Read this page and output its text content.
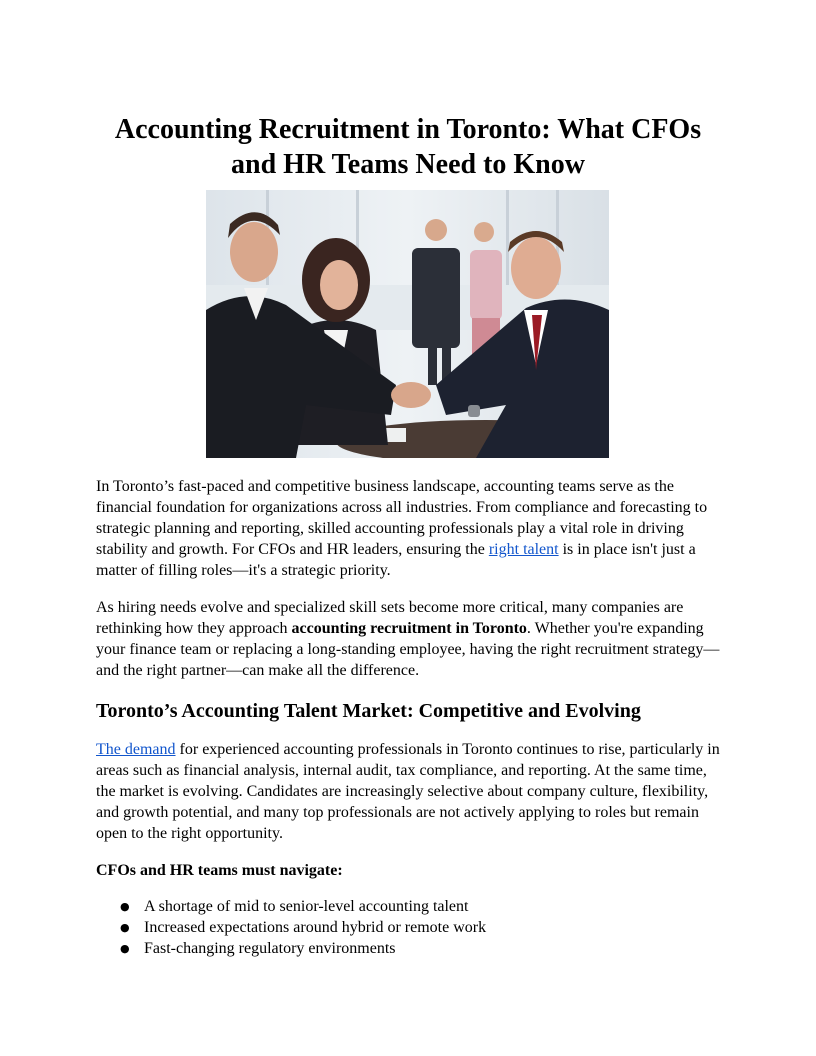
Accounting Recruitment in Toronto: What CFOs and HR Teams Need to Know

In Toronto’s fast-paced and competitive business landscape, accounting teams serve as the financial foundation for organizations across all industries. From compliance and forecasting to strategic planning and reporting, skilled accounting professionals play a vital role in driving stability and growth. For CFOs and HR leaders, ensuring the right talent is in place isn't just a matter of filling roles—it's a strategic priority.

As hiring needs evolve and specialized skill sets become more critical, many companies are rethinking how they approach accounting recruitment in Toronto. Whether you're expanding your finance team or replacing a long-standing employee, having the right recruitment strategy—and the right partner—can make all the difference.

Toronto’s Accounting Talent Market: Competitive and Evolving

The demand for experienced accounting professionals in Toronto continues to rise, particularly in areas such as financial analysis, internal audit, tax compliance, and reporting. At the same time, the market is evolving. Candidates are increasingly selective about company culture, flexibility, and growth potential, and many top professionals are not actively applying to roles but remain open to the right opportunity.

CFOs and HR teams must navigate:
● A shortage of mid to senior-level accounting talent
● Increased expectations around hybrid or remote work
● Fast-changing regulatory environments
